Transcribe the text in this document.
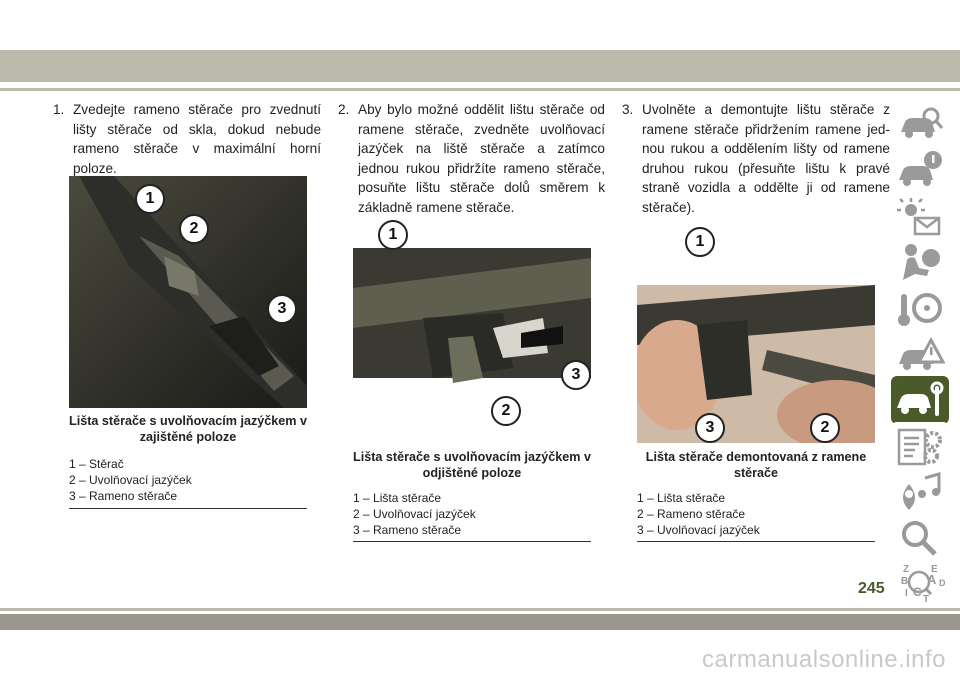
1. Zvedejte rameno stěrače pro zvednutí lišty stěrače od skla, dokud nebude rameno stěrače v maximální horní poloze.
1
2
3
Lišta stěrače s uvolňovacím jazýčkem v zajištěné poloze
1 – Stěrač
2 – Uvolňovací jazýček
3 – Rameno stěrače
2. Aby bylo možné oddělit lištu stěrače od ramene stěrače, zvedněte uvolňovací jazýček na liště stěrače a zatímco jednou rukou přidržíte rameno stěrače, posuňte lištu stěrače dolů směrem k základně ramene stěrače.
1
2
3
Lišta stěrače s uvolňovacím jazýčkem v odjištěné poloze
1 – Lišta stěrače
2 – Uvolňovací jazýček
3 – Rameno stěrače
3. Uvolněte a demontujte lištu stěrače z ramene stěrače přidržením ramene jed-nou rukou a oddělením lišty od ramene druhou rukou (přesuňte lištu k pravé straně vozidla a oddělte ji od ramene stěrače).
1
3	2
Lišta stěrače demontovaná z ramene stěrače
1 – Lišta stěrače
2 – Rameno stěrače
3 – Uvolňovací jazýček
Z E
B A D
I C
T
245
carmanualsonline.info
